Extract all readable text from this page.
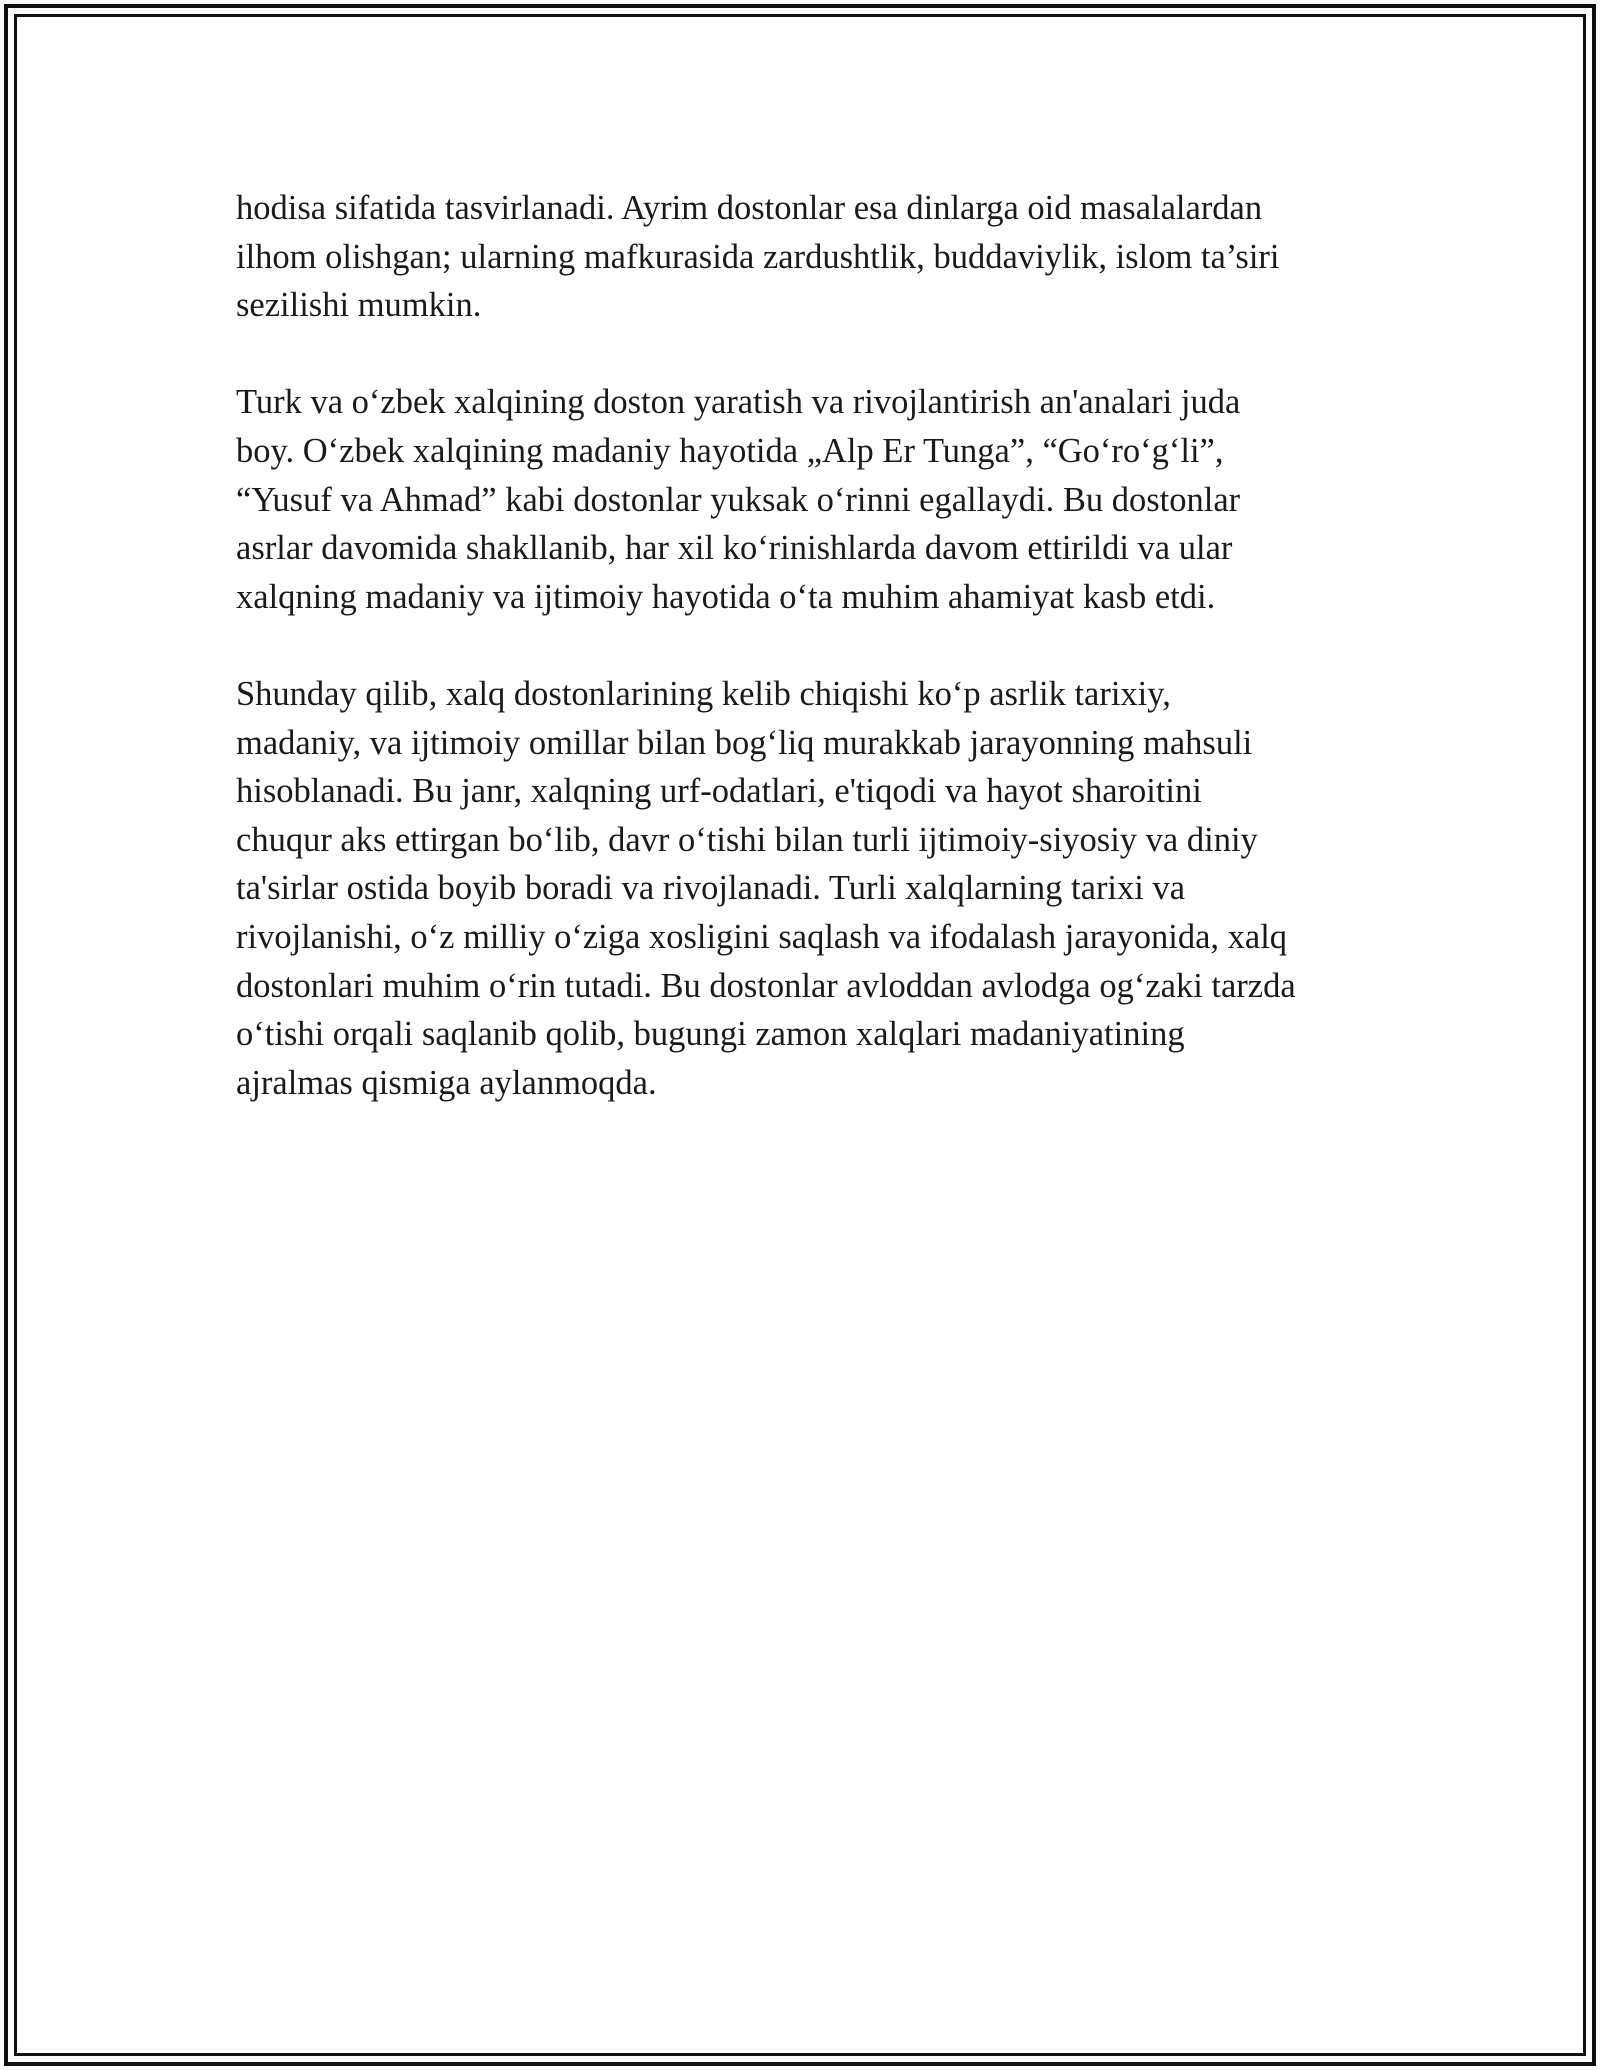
hodisa sifatida tasvirlanadi. Ayrim dostonlar esa dinlarga oid masalalardan
ilhom olishgan; ularning mafkurasida zardushtlik, buddaviylik, islom ta’siri
sezilishi mumkin.

Turk va o‘zbek xalqining doston yaratish va rivojlantirish an'analari juda
boy. O‘zbek xalqining madaniy hayotida „Alp Er Tunga”, “Go‘ro‘g‘li”,
“Yusuf va Ahmad” kabi dostonlar yuksak o‘rinni egallaydi. Bu dostonlar
asrlar davomida shakllanib, har xil ko‘rinishlarda davom ettirildi va ular
xalqning madaniy va ijtimoiy hayotida o‘ta muhim ahamiyat kasb etdi.

Shunday qilib, xalq dostonlarining kelib chiqishi ko‘p asrlik tarixiy,
madaniy, va ijtimoiy omillar bilan bog‘liq murakkab jarayonning mahsuli
hisoblanadi. Bu janr, xalqning urf-odatlari, e'tiqodi va hayot sharoitini
chuqur aks ettirgan bo‘lib, davr o‘tishi bilan turli ijtimoiy-siyosiy va diniy
ta'sirlar ostida boyib boradi va rivojlanadi. Turli xalqlarning tarixi va
rivojlanishi, o‘z milliy o‘ziga xosligini saqlash va ifodalash jarayonida, xalq
dostonlari muhim o‘rin tutadi. Bu dostonlar avloddan avlodga og‘zaki tarzda
o‘tishi orqali saqlanib qolib, bugungi zamon xalqlari madaniyatining
ajralmas qismiga aylanmoqda.
